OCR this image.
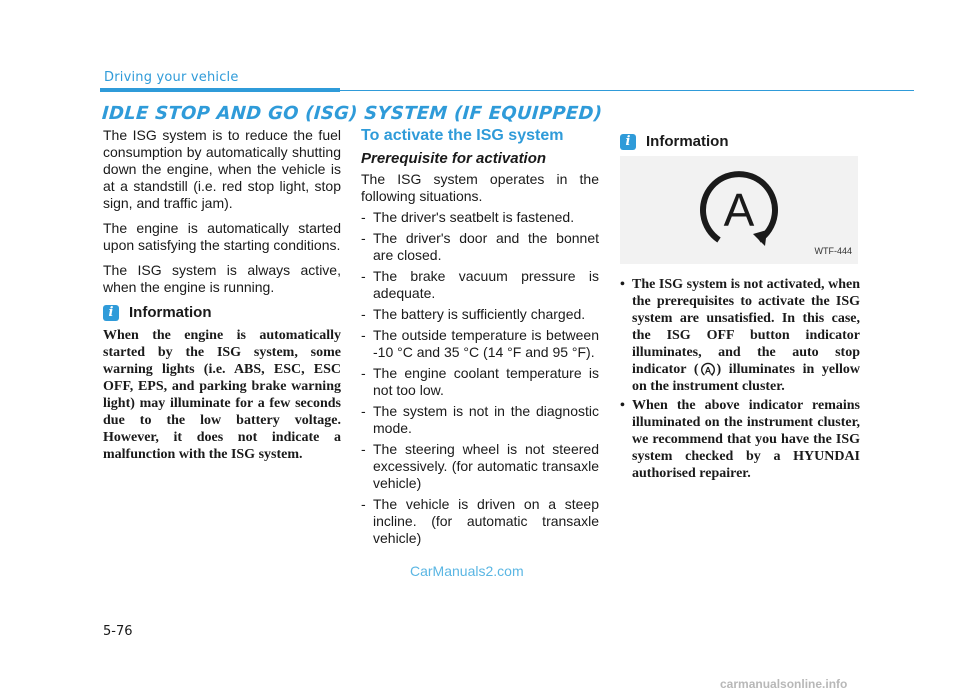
Driving your vehicle
IDLE STOP AND GO (ISG) SYSTEM (IF EQUIPPED)

The ISG system is to reduce the fuel consumption by automatically shutting down the engine, when the vehicle is at a standstill (i.e. red stop light, stop sign, and traffic jam).

The engine is automatically started upon satisfying the starting conditions.

The ISG system is always active, when the engine is running.

i	Information

When the engine is automatically started by the ISG system, some warning lights (i.e. ABS, ESC, ESC OFF, EPS, and parking brake warning light) may illuminate for a few seconds due to the low battery voltage. However, it does not indicate a malfunction with the ISG system.

To activate the ISG system
Prerequisite for activation

The ISG system operates in the following situations.

- The driver's seatbelt is fastened.
- The driver's door and the bonnet are closed.
- The brake vacuum pressure is adequate.
- The battery is sufficiently charged.
- The outside temperature is between -10 °C and 35 °C (14 °F and 95 °F).
- The engine coolant temperature is not too low.
- The system is not in the diagnostic mode.
- The steering wheel is not steered excessively. (for automatic transaxle vehicle)
- The vehicle is driven on a steep incline. (for automatic transaxle vehicle)
i	Information
A
WTF-444
• The ISG system is not activated, when the prerequisites to activate the ISG system are unsatisfied. In this case, the ISG OFF button indicator illuminates, and the auto stop indicator ( A ) illuminates in yellow on the instrument cluster.
• When the above indicator remains illuminated on the instrument cluster, we recommend that you have the ISG system checked by a HYUNDAI authorised repairer.
CarManuals2.com
5-76
carmanualsonline.info
